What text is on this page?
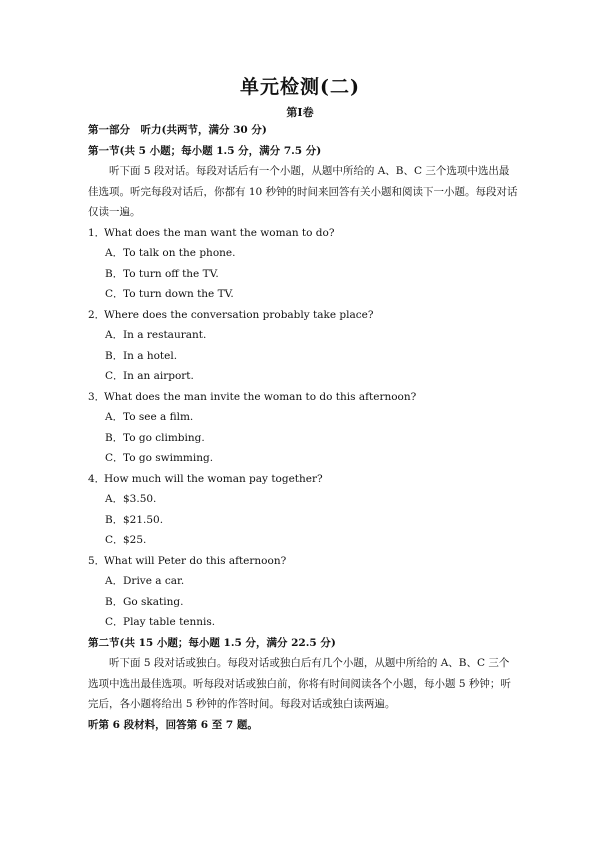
单元检测(二)
第Ⅰ卷
第一部分　听力(共两节，满分 30 分)
第一节(共 5 小题；每小题 1.5 分，满分 7.5 分)
听下面 5 段对话。每段对话后有一个小题，从题中所给的 A、B、C 三个选项中选出最
佳选项。听完每段对话后，你都有 10 秒钟的时间来回答有关小题和阅读下一小题。每段对话
仅读一遍。
1．What does the man want the woman to do?
A．To talk on the phone.
B．To turn off the TV.
C．To turn down the TV.
2．Where does the conversation probably take place?
A．In a restaurant.
B．In a hotel.
C．In an airport.
3．What does the man invite the woman to do this afternoon?
A．To see a film.
B．To go climbing.
C．To go swimming.
4．How much will the woman pay together?
A．$3.50.
B．$21.50.
C．$25.
5．What will Peter do this afternoon?
A．Drive a car.
B．Go skating.
C．Play table tennis.
第二节(共 15 小题；每小题 1.5 分，满分 22.5 分)
听下面 5 段对话或独白。每段对话或独白后有几个小题，从题中所给的 A、B、C 三个
选项中选出最佳选项。听每段对话或独白前，你将有时间阅读各个小题，每小题 5 秒钟；听
完后，各小题将给出 5 秒钟的作答时间。每段对话或独白读两遍。
听第 6 段材料，回答第 6 至 7 题。
